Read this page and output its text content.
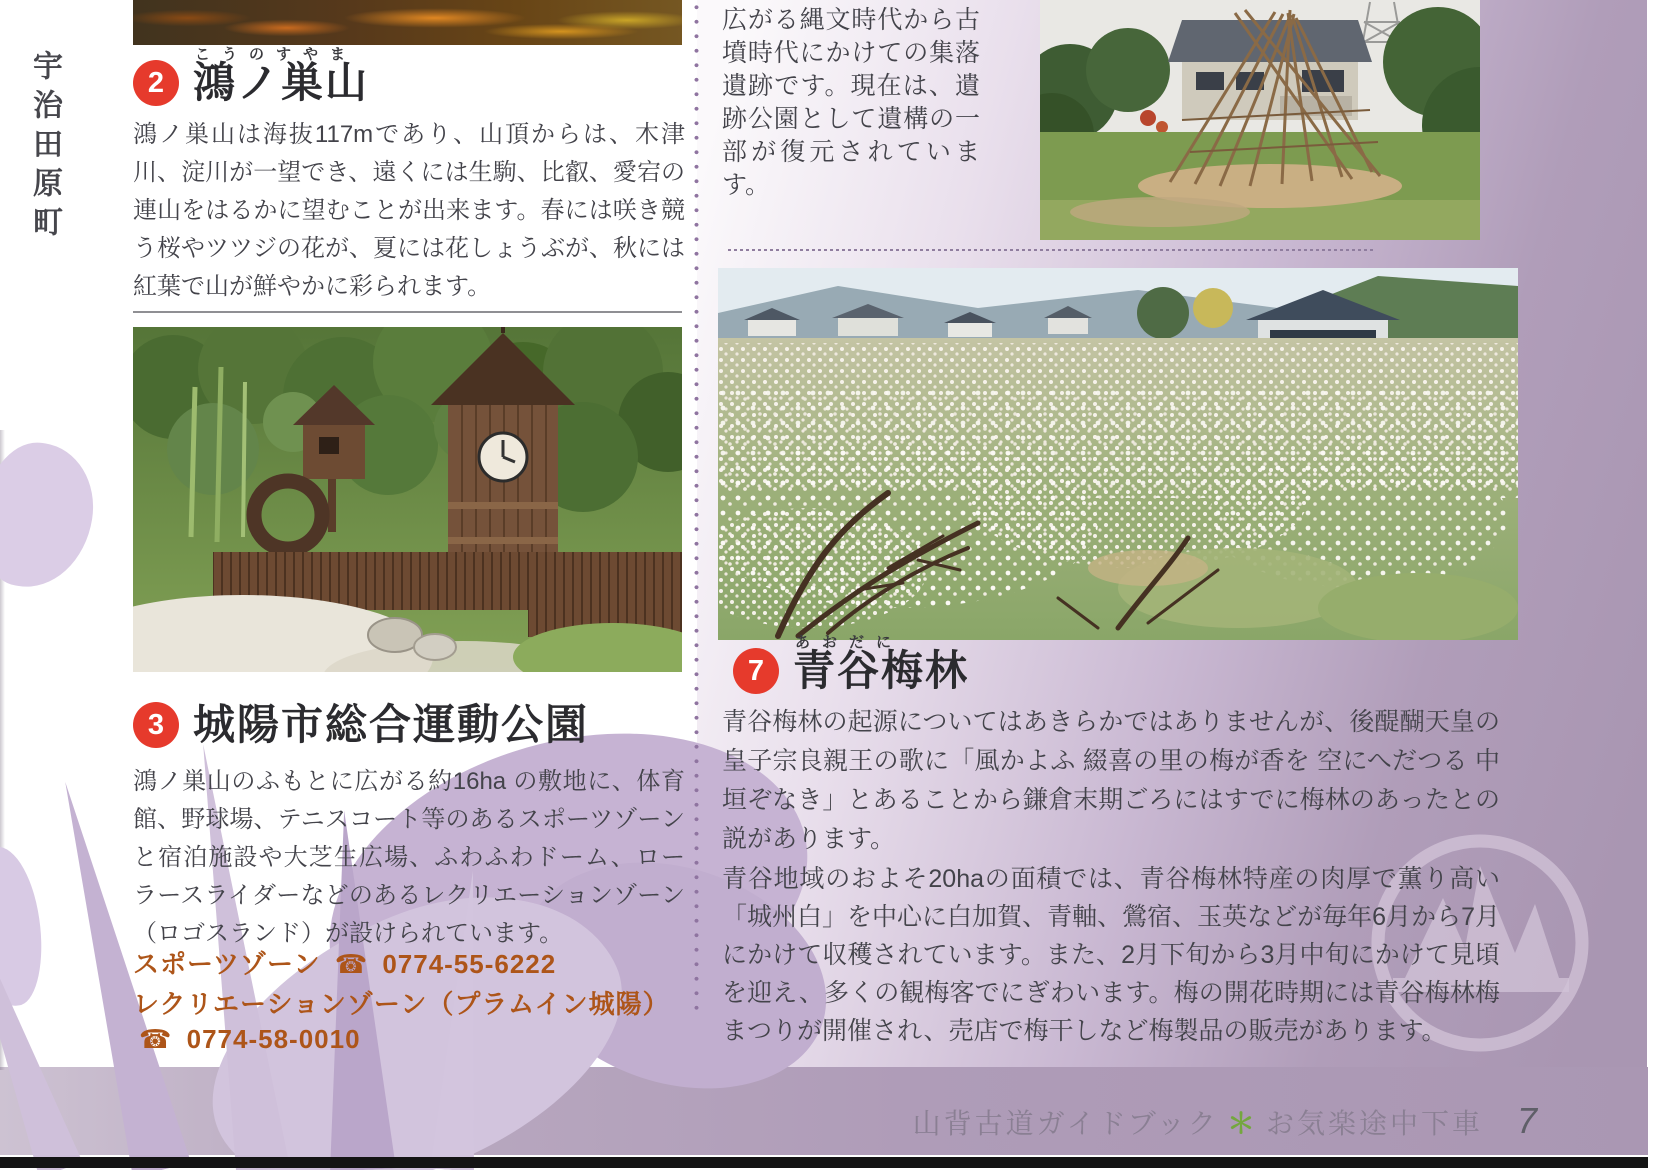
宇治田原町	2
こうのすやま
鴻ノ巣山

鴻ノ巣山は海抜117mであり、山頂からは、木津川、淀川が一望でき、遠くには生駒、比叡、愛宕の連山をはるかに望むことが出来ます。春には咲き競う桜やツツジの花が、夏には花しょうぶが、秋には紅葉で山が鮮やかに彩られます。

3 城陽市総合運動公園

鴻ノ巣山のふもとに広がる約16ha の敷地に、体育館、野球場、テニスコート等のあるスポーツゾーンと宿泊施設や大芝生広場、ふわふわドーム、ローラースライダーなどのあるレクリエーションゾーン（ロゴスランド）が設けられています。

スポーツゾーン ☎ 0774-55-6222
レクリエーションゾーン（プラムイン城陽）
☎ 0774-58-0010

広がる縄文時代から古墳時代にかけての集落遺跡です。現在は、遺跡公園として遺構の一部が復元されています。

7
あおだに
青谷梅林

青谷梅林の起源についてはあきらかではありませんが、後醍醐天皇の皇子宗良親王の歌に「風かよふ 綴喜の里の梅が香を 空にへだつる 中垣ぞなき」とあることから鎌倉末期ごろにはすでに梅林のあったとの説があります。

青谷地域のおよそ20haの面積では、青谷梅林特産の肉厚で薫り高い「城州白」を中心に白加賀、青軸、鶯宿、玉英などが毎年6月から7月にかけて収穫されています。また、2月下旬から3月中旬にかけて見頃を迎え、多くの観梅客でにぎわいます。梅の開花時期には青谷梅林梅まつりが開催され、売店で梅干しなど梅製品の販売があります。

山背古道ガイドブック ＊ お気楽途中下車 7
